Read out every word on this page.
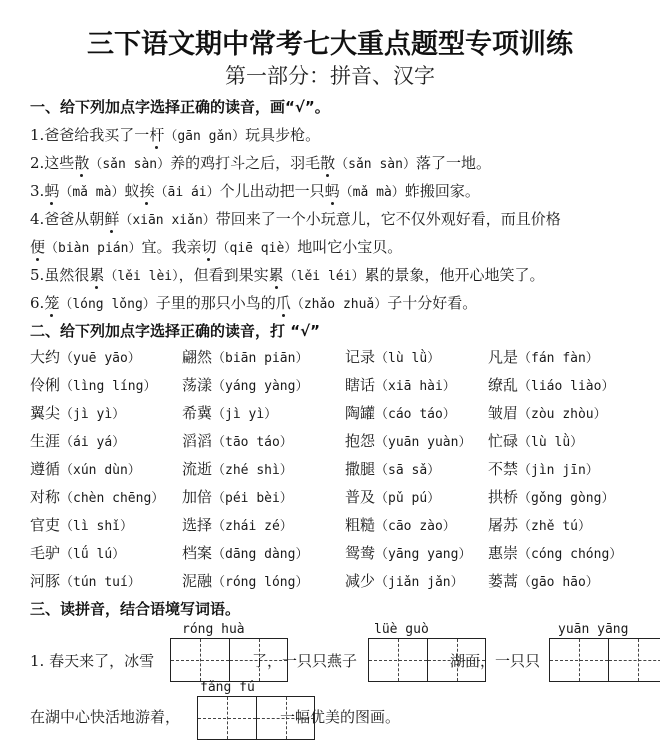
三下语文期中常考七大重点题型专项训练
第一部分：拼音、汉字
一、给下列加点字选择正确的读音，画“√”。
1.爸爸给我买了一杆（gān gǎn）玩具步枪。
2.这些散（sǎn sàn）养的鸡打斗之后，羽毛散（sǎn sàn）落了一地。
3.蚂（mǎ mà）蚁挨（āi ái）个儿出动把一只蚂（mǎ mà）蚱搬回家。
4.爸爸从朝鲜（xiān xiǎn）带回来了一个小玩意儿，它不仅外观好看，而且价格
便（biàn pián）宜。我亲切（qiē qiè）地叫它小宝贝。
5.虽然很累（lěi lèi），但看到果实累（lěi léi）累的景象，他开心地笑了。
6.笼（lóng lǒng）子里的那只小鸟的爪（zhǎo zhuǎ）子十分好看。
二、给下列加点字选择正确的读音，打 “√”
大约（yuē yāo）	翩然（biān piān） 记录（lù lǜ）	凡是（fán fàn）
伶俐（lìng líng） 荡漾（yáng yàng） 瞎话（xiā hài） 缭乱（liáo liào）
翼尖（jì yì）	希冀（jì yì）	陶罐（cáo táo） 皱眉（zòu zhòu）
生涯（ái yá）	滔滔（tāo táo）	抱怨（yuān yuàn） 忙碌（lù lǜ）
遵循（xún dùn）	流逝（zhé shì）	撒腿（sā sǎ）	不禁（jìn jīn）
对称（chèn chēng） 加倍（péi bèi）	普及（pǔ pú）	拱桥（gǒng gòng）
官吏（lì shǐ）	选择（zhái zé）	粗糙（cāo zào） 屠苏（zhě tú）
毛驴（lǘ lú）	档案（dāng dàng） 鸳鸯（yāng yang） 惠崇（cóng chóng）
河豚（tún tuí）	泥融（róng lóng） 减少（jiǎn jǎn） 蒌蒿（gāo hāo）
三、读拼音，结合语境写词语。
1. 春天来了，冰雪
róng huà
了，一只只燕子
lüè guò
湖面，一只只
yuān yāng
在湖中心快活地游着，
fǎng fú
一幅优美的图画。
